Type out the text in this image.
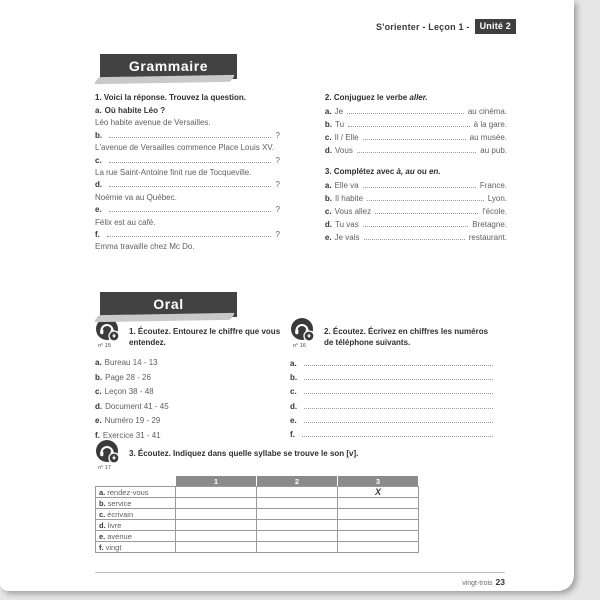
S'orienter - Leçon 1 -	Unité 2
Grammaire
1. Voici la réponse. Trouvez la question.
a. Où habite Léo ?
Léo habite avenue de Versailles.
b.	?
L'avenue de Versailles commence Place Louis XV.
c.	?
La rue Saint-Antoine finit rue de Tocqueville.
d.	?
Noémie va au Québec.
e.	?
Félix est au café.
f.	?
Emma travaille chez Mc Do.
2. Conjuguez le verbe aller.
a. Je	au cinéma.
b. Tu	à la gare.
c. Il / Elle	au musée.
d. Vous	au pub.
3. Complétez avec à, au ou en.
a. Elle va	France.
b. Il habite	Lyon.
c. Vous allez	l'école.
d. Tu vas	Bretagne.
e. Je vais	restaurant.
Oral
n° 15
1. Écoutez. Entourez le chiffre que vous entendez.
a. Bureau 14 - 13
b. Page 28 - 26
c. Leçon 38 - 48
d. Document 41 - 45
e. Numéro 19 - 29
f. Exercice 31 - 41
n° 16
2. Écoutez. Écrivez en chiffres les numéros de téléphone suivants.
a.
b.
c.
d.
e.
f.
n° 17
3. Écoutez. Indiquez dans quelle syllabe se trouve le son [v].
	1	2	3
a. rendez-vous			X
b. service			
c. écrivain			
d. livre			
e. avenue			
f. vingt			
vingt-trois 23
